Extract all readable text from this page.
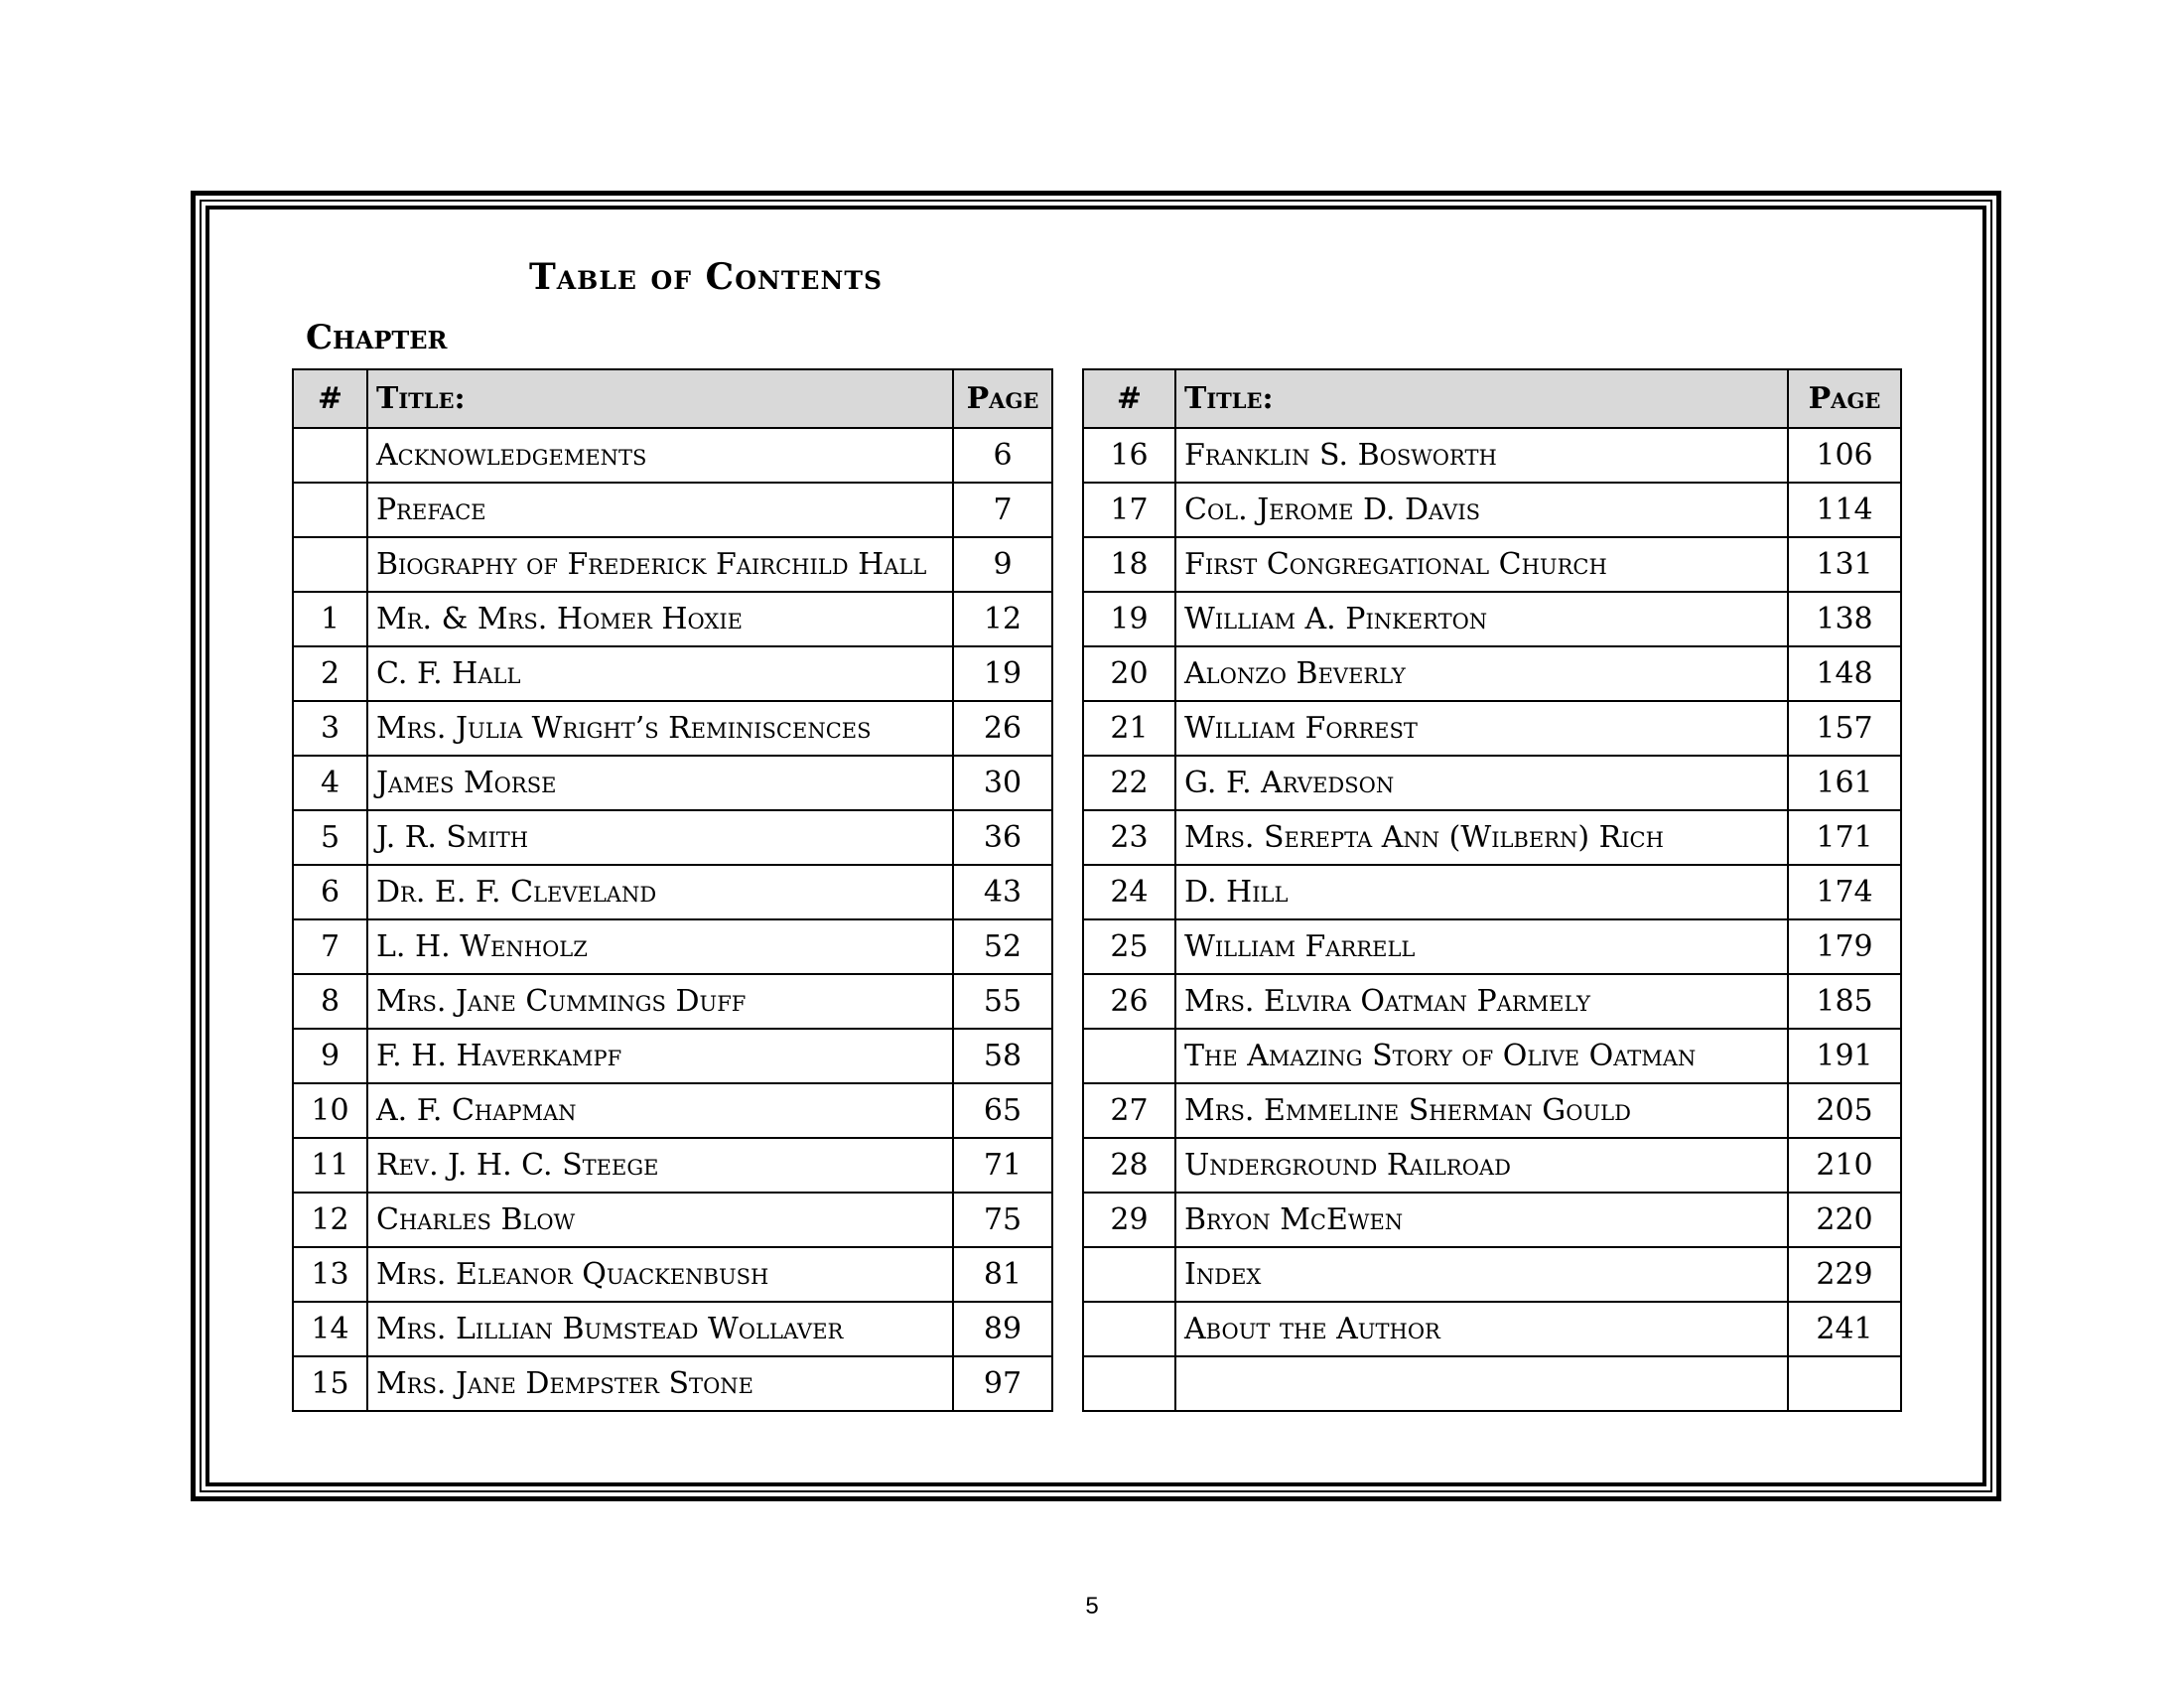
Table of Contents
Chapter
#	Title:	Page
	Acknowledgements	6
	Preface	7
	Biography of Frederick Fairchild Hall	9
1	Mr. & Mrs. Homer Hoxie	12
2	C. F. Hall	19
3	Mrs. Julia Wright’s Reminiscences	26
4	James Morse	30
5	J. R. Smith	36
6	Dr. E. F. Cleveland	43
7	L. H. Wenholz	52
8	Mrs. Jane Cummings Duff	55
9	F. H. Haverkampf	58
10	A. F. Chapman	65
11	Rev. J. H. C. Steege	71
12	Charles Blow	75
13	Mrs. Eleanor Quackenbush	81
14	Mrs. Lillian Bumstead Wollaver	89
15	Mrs. Jane Dempster Stone	97
#	Title:	Page
16	Franklin S. Bosworth	106
17	Col. Jerome D. Davis	114
18	First Congregational Church	131
19	William A. Pinkerton	138
20	Alonzo Beverly	148
21	William Forrest	157
22	G. F. Arvedson	161
23	Mrs. Serepta Ann (Wilbern) Rich	171
24	D. Hill	174
25	William Farrell	179
26	Mrs. Elvira Oatman Parmely	185
	The Amazing Story of Olive Oatman	191
27	Mrs. Emmeline Sherman Gould	205
28	Underground Railroad	210
29	Bryon McEwen	220
	Index	229
	About the Author	241

5
